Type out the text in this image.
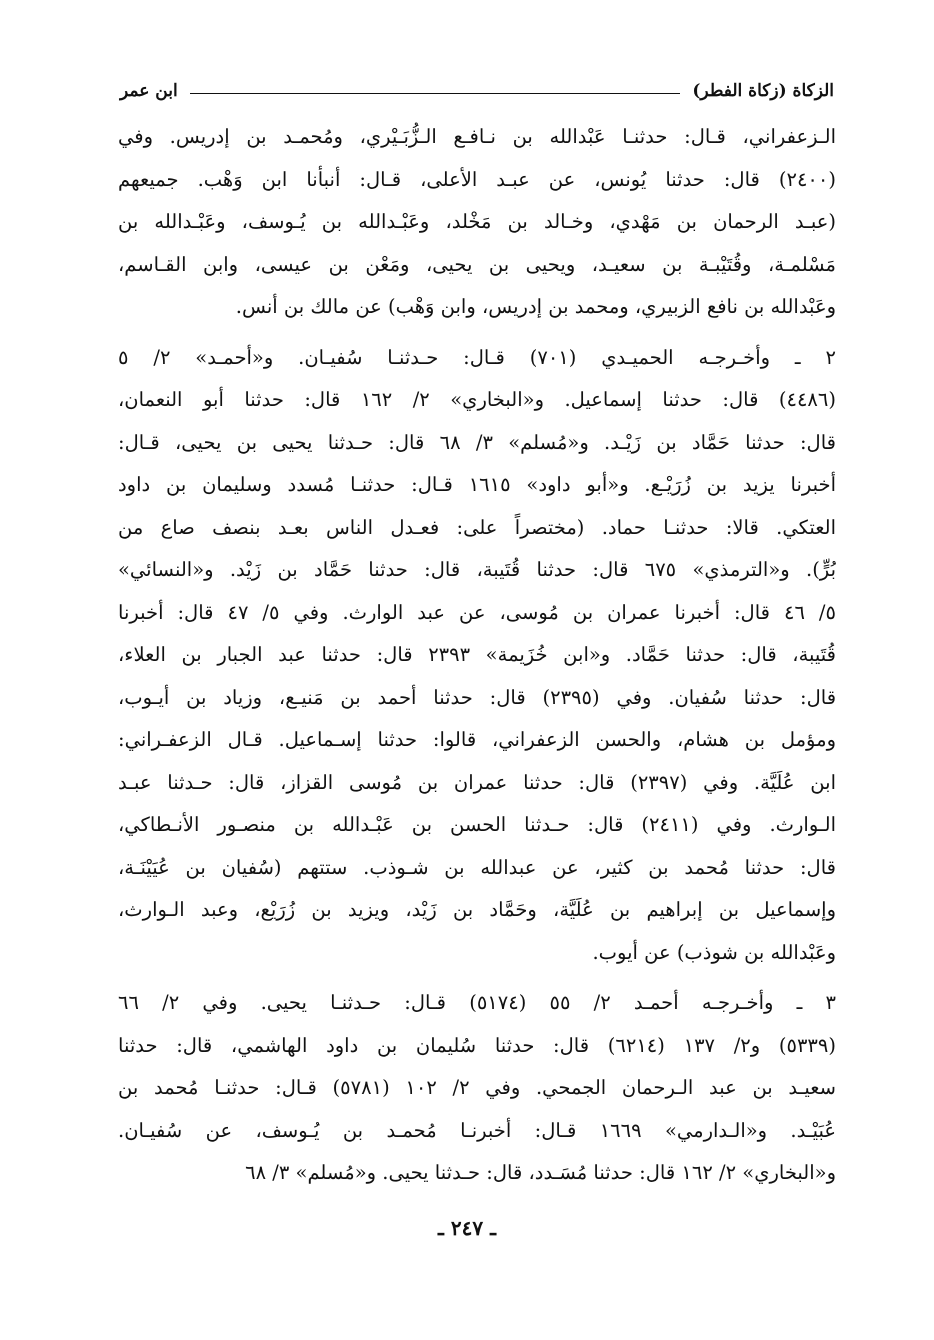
الزكاة (زكاة الفطر)
ابن عمر
الـزعفراني، قـال: حدثنـا عَبْدالله بن نـافـع الـزُّبَـيْري، ومُحمـد بن إدريس. وفي
(٢٤٠٠) قال: حدثنا يُونس، عن عبـد الأعلى، قـال: أنبأنا ابن وَهْب. جميعهم
(عبـد الرحمان بن مَهْدي، وخـالد بن مَخْلد، وعَبْـدالله بن يُـوسف، وعَبْـدالله بن
مَسْلمـة، وقُتَيْبـة بن سعيـد، ويحيى بن يحيى، ومَعْن بن عيسى، وابن القـاسم،
وعَبْدالله بن نافع الزبيري، ومحمد بن إدريس، وابن وَهْب) عن مالك بن أنس.
٢ ـ وأخـرجـه الحميـدي (٧٠١) قـال: حـدثنـا سُفيـان. و«أحمـد» ٢/ ٥
(٤٤٨٦) قال: حدثنا إسماعيل. و«البخاري» ٢/ ١٦٢ قال: حدثنا أبو النعمان،
قال: حدثنا حَمَّاد بن زَيْـد. و«مُسلم» ٣/ ٦٨ قال: حـدثنا يحيى بن يحيى، قـال:
أخبرنا يزيد بن زُرَيْـع. و«أبو داود» ١٦١٥ قـال: حدثنـا مُسدد وسليمان بن داود
العتكي. قالا: حدثنـا حماد. (مختصراً على: فعـدل الناس بعـد بنصف صاع من
بُرٍّ). و«الترمذي» ٦٧٥ قال: حدثنا قُتَيبة، قال: حدثنا حَمَّاد بن زَيْد. و«النسائي»
٥/ ٤٦ قال: أخبرنا عمران بن مُوسى، عن عبد الوارث. وفي ٥/ ٤٧ قال: أخبرنا
قُتَيبة، قال: حدثنا حَمَّاد. و«ابن خُزَيمة» ٢٣٩٣ قال: حدثنا عبد الجبار بن العلاء،
قال: حدثنا سُفيان. وفي (٢٣٩٥) قال: حدثنا أحمد بن مَنيـع، وزياد بن أيـوب،
ومؤمل بن هشام، والحسن الزعفراني، قالوا: حدثنا إسـماعيل. قـال الزعفـراني:
ابن عُلَيَّة. وفي (٢٣٩٧) قال: حدثنا عمران بن مُوسى القزاز، قال: حـدثنا عبـد
الـوارث. وفي (٢٤١١) قال: حـدثنا الحسن بن عَبْـدالله بن منصـور الأنـطاكي،
قال: حدثنا مُحمد بن كثير، عن عبدالله بن شـوذب. ستتهم (سُفيان بن عُيَيْنَـة،
وإسماعيل بن إبراهيم بن عُلَيَّة، وحَمَّاد بن زَيْد، ويزيد بن زُرَيْع، وعبد الـوارث،
وعَبْدالله بن شوذب) عن أيوب.
٣ ـ وأخـرجـه أحمـد ٢/ ٥٥ (٥١٧٤) قـال: حـدثنـا يحيى. وفي ٢/ ٦٦
(٥٣٣٩) و٢/ ١٣٧ (٦٢١٤) قال: حدثنا سُليمان بن داود الهاشمي، قال: حدثنا
سعيـد بن عبد الـرحمان الجمحي. وفي ٢/ ١٠٢ (٥٧٨١) قـال: حدثنـا مُحمد بن
عُبَيْـد. و«الـدارمي» ١٦٦٩ قـال: أخبرنـا مُحمـد بن يُـوسف، عن سُفيـان.
و«البخاري» ٢/ ١٦٢ قال: حدثنا مُسَـدد، قال: حـدثنا يحيى. و«مُسلم» ٣/ ٦٨
ـ ٢٤٧ ـ
